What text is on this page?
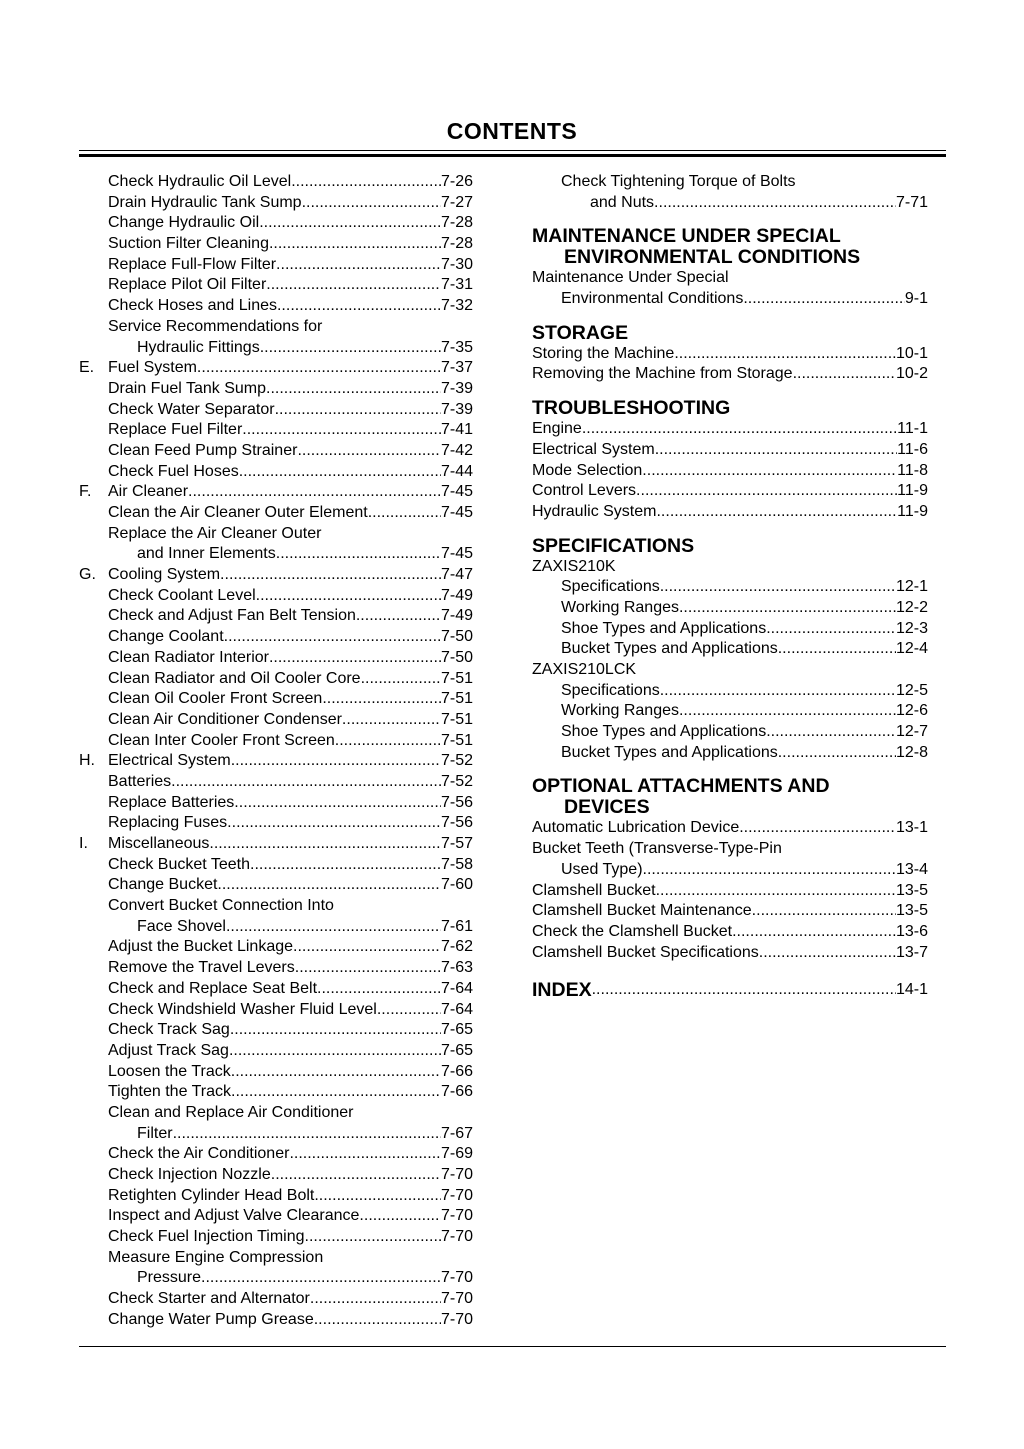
CONTENTS
Check Hydraulic Oil Level .....	7-26
Drain Hydraulic Tank Sump .....	7-27
Change Hydraulic Oil .....	7-28
Suction Filter Cleaning .....	7-28
Replace Full-Flow Filter .....	7-30
Replace Pilot Oil Filter .....	7-31
Check Hoses and Lines .....	7-32
Service Recommendations for
Hydraulic Fittings .....	7-35
E. Fuel System .....	7-37
Drain Fuel Tank Sump .....	7-39
Check Water Separator .....	7-39
Replace Fuel Filter .....	7-41
Clean Feed Pump Strainer .....	7-42
Check Fuel Hoses .....	7-44
F. Air Cleaner .....	7-45
Clean the Air Cleaner Outer Element .....	7-45
Replace the Air Cleaner Outer
and Inner Elements .....	7-45
G. Cooling System .....	7-47
Check Coolant Level .....	7-49
Check and Adjust Fan Belt Tension .....	7-49
Change Coolant .....	7-50
Clean Radiator Interior .....	7-50
Clean Radiator and Oil Cooler Core .....	7-51
Clean Oil Cooler Front Screen .....	7-51
Clean Air Conditioner Condenser .....	7-51
Clean Inter Cooler Front Screen .....	7-51
H. Electrical System .....	7-52
Batteries .....	7-52
Replace Batteries .....	7-56
Replacing Fuses .....	7-56
I. Miscellaneous .....	7-57
Check Bucket Teeth .....	7-58
Change Bucket .....	7-60
Convert Bucket Connection Into
Face Shovel .....	7-61
Adjust the Bucket Linkage .....	7-62
Remove the Travel Levers .....	7-63
Check and Replace Seat Belt .....	7-64
Check Windshield Washer Fluid Level .....	7-64
Check Track Sag .....	7-65
Adjust Track Sag .....	7-65
Loosen the Track .....	7-66
Tighten the Track .....	7-66
Clean and Replace Air Conditioner
Filter .....	7-67
Check the Air Conditioner .....	7-69
Check Injection Nozzle .....	7-70
Retighten Cylinder Head Bolt .....	7-70
Inspect and Adjust Valve Clearance .....	7-70
Check Fuel Injection Timing .....	7-70
Measure Engine Compression
Pressure .....	7-70
Check Starter and Alternator .....	7-70
Change Water Pump Grease .....	7-70
Check Tightening Torque of Bolts
and Nuts .....	7-71
MAINTENANCE UNDER SPECIAL
ENVIRONMENTAL CONDITIONS
Maintenance Under Special
Environmental Conditions .....	9-1
STORAGE
Storing the Machine .....	10-1
Removing the Machine from Storage .....	10-2
TROUBLESHOOTING
Engine .....	11-1
Electrical System .....	11-6
Mode Selection .....	11-8
Control Levers .....	11-9
Hydraulic System .....	11-9
SPECIFICATIONS
ZAXIS210K
Specifications .....	12-1
Working Ranges .....	12-2
Shoe Types and Applications .....	12-3
Bucket Types and Applications .....	12-4
ZAXIS210LCK
Specifications .....	12-5
Working Ranges .....	12-6
Shoe Types and Applications .....	12-7
Bucket Types and Applications .....	12-8
OPTIONAL ATTACHMENTS AND
DEVICES
Automatic Lubrication Device .....	13-1
Bucket Teeth (Transverse-Type-Pin
Used Type) .....	13-4
Clamshell Bucket .....	13-5
Clamshell Bucket Maintenance .....	13-5
Check the Clamshell Bucket .....	13-6
Clamshell Bucket Specifications .....	13-7
INDEX .....	14-1
